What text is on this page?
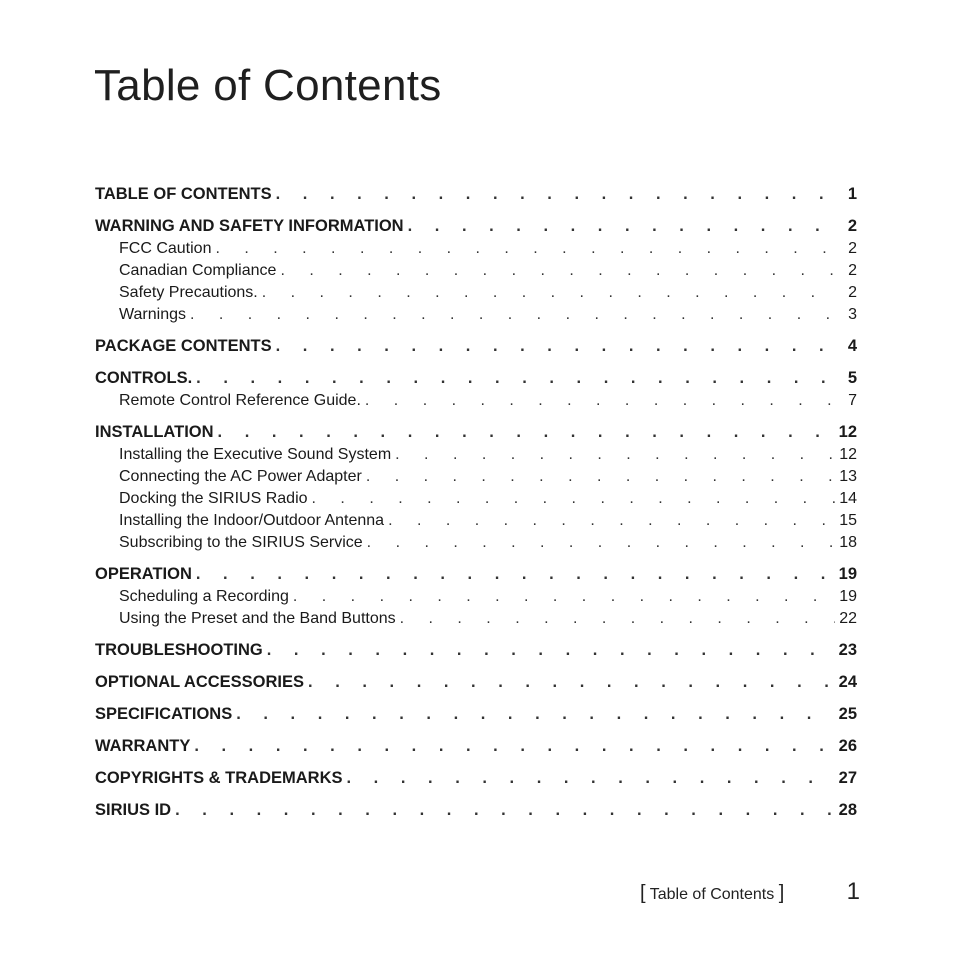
Table of Contents
TABLE OF CONTENTS . . .	1
WARNING AND SAFETY INFORMATION . . .	2
FCC Caution . . .	2
Canadian Compliance . . .	2
Safety Precautions. . . .	2
Warnings . . .	3
PACKAGE CONTENTS . . .	4
CONTROLS. . . .	5
Remote Control Reference Guide. . . .	7
INSTALLATION . . .	12
Installing the Executive Sound System . . .	12
Connecting the AC Power Adapter . . .	13
Docking the SIRIUS Radio . . .	14
Installing the Indoor/Outdoor Antenna . . .	15
Subscribing to the SIRIUS Service . . .	18
OPERATION . . .	19
Scheduling a Recording . . .	19
Using the Preset and the Band Buttons . . .	22
TROUBLESHOOTING . . .	23
OPTIONAL ACCESSORIES . . .	24
SPECIFICATIONS . . .	25
WARRANTY . . .	26
COPYRIGHTS & TRADEMARKS . . .	27
SIRIUS ID . . .	28
[ Table of Contents ]	1
